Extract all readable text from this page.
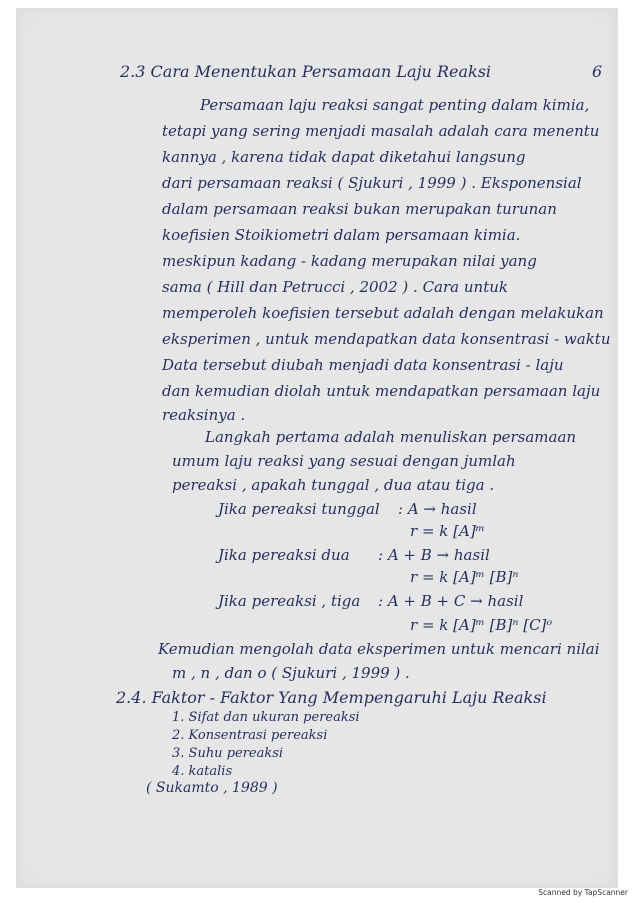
6
2.3 Cara Menentukan Persamaan Laju Reaksi
Persamaan laju reaksi sangat penting dalam kimia,
tetapi yang sering menjadi masalah adalah cara menentu
kannya , karena tidak dapat diketahui langsung
dari persamaan reaksi ( Sjukuri , 1999 ) . Eksponensial
dalam persamaan reaksi bukan merupakan turunan
koefisien Stoikiometri dalam persamaan kimia.
meskipun kadang - kadang merupakan nilai yang
sama ( Hill dan Petrucci , 2002 ) . Cara untuk
memperoleh koefisien tersebut adalah dengan melakukan
eksperimen , untuk mendapatkan data konsentrasi - waktu
Data tersebut diubah menjadi data konsentrasi - laju
dan kemudian diolah untuk mendapatkan persamaan laju
reaksinya .
Langkah pertama adalah menuliskan persamaan
umum laju reaksi yang sesuai dengan jumlah
pereaksi , apakah tunggal , dua atau tiga .
Jika pereaksi tunggal : A → hasil
r = k [A]ᵐ
Jika pereaksi dua : A + B → hasil
r = k [A]ᵐ [B]ⁿ
Jika pereaksi , tiga : A + B + C → hasil
r = k [A]ᵐ [B]ⁿ [C]ᵒ
Kemudian mengolah data eksperimen untuk mencari nilai
m , n , dan o ( Sjukuri , 1999 ) .
2.4. Faktor - Faktor Yang Mempengaruhi Laju Reaksi
1. Sifat dan ukuran pereaksi
2. Konsentrasi pereaksi
3. Suhu pereaksi
4. katalis
( Sukamto , 1989 )
Scanned by TapScanner
